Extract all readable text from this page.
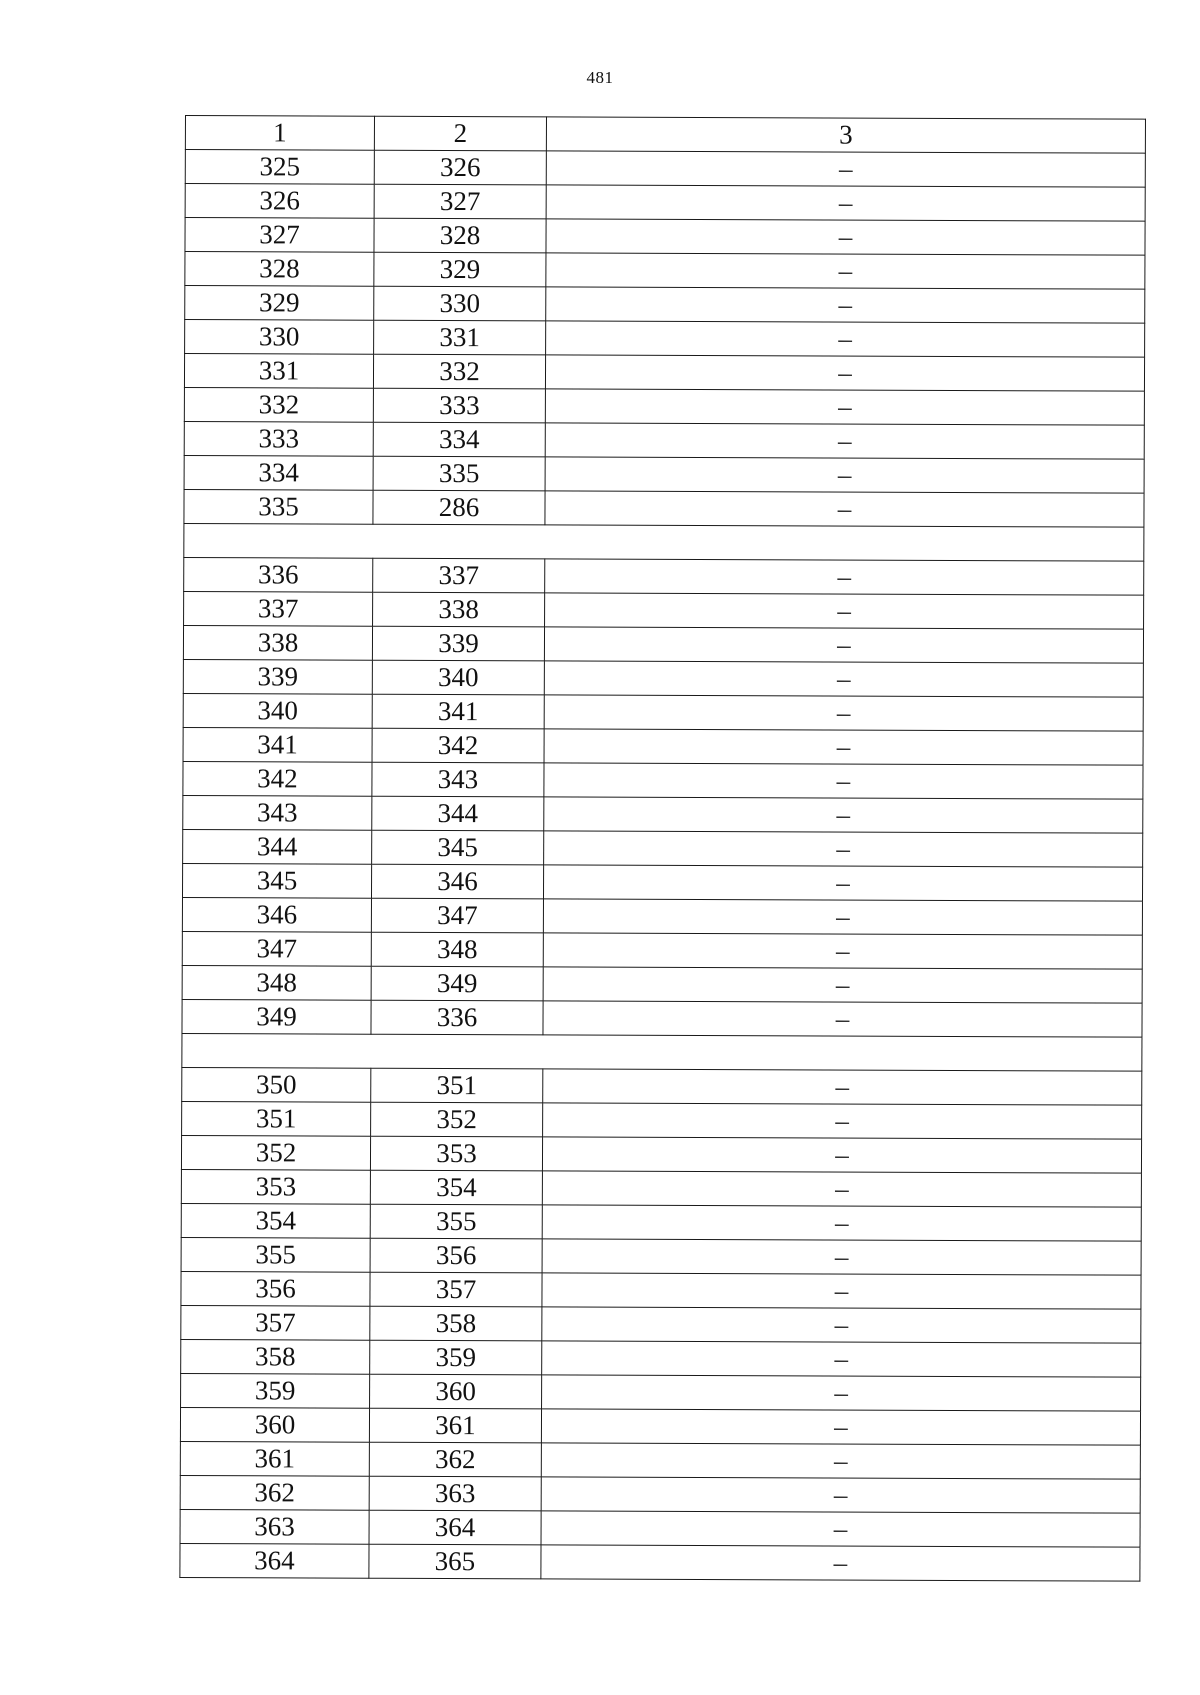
481
1	2	3
325	326	–
326	327	–
327	328	–
328	329	–
329	330	–
330	331	–
331	332	–
332	333	–
333	334	–
334	335	–
335	286	–

336	337	–
337	338	–
338	339	–
339	340	–
340	341	–
341	342	–
342	343	–
343	344	–
344	345	–
345	346	–
346	347	–
347	348	–
348	349	–
349	336	–

350	351	–
351	352	–
352	353	–
353	354	–
354	355	–
355	356	–
356	357	–
357	358	–
358	359	–
359	360	–
360	361	–
361	362	–
362	363	–
363	364	–
364	365	–
